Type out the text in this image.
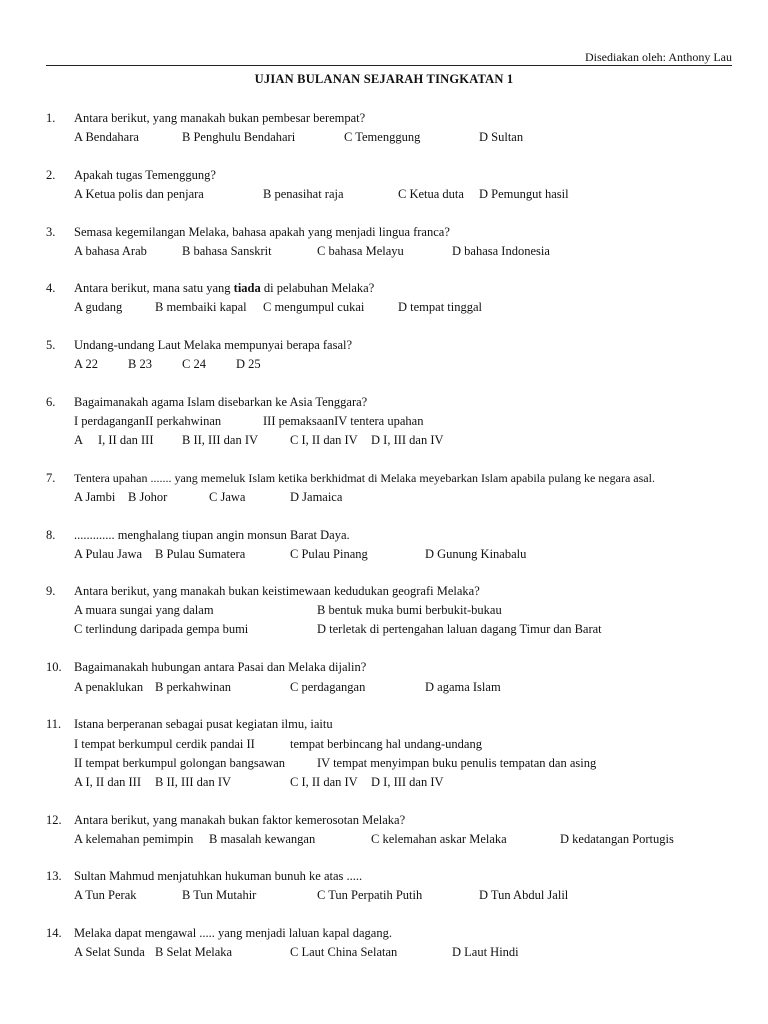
Disediakan oleh: Anthony Lau
UJIAN BULANAN SEJARAH TINGKATAN 1
1. Antara berikut, yang manakah bukan pembesar berempat?
A Bendahara	B Penghulu Bendahari	C Temenggung	D Sultan
2. Apakah tugas Temenggung?
A Ketua polis dan penjara	B penasihat raja	C Ketua duta D Pemungut hasil
3. Semasa kegemilangan Melaka, bahasa apakah yang menjadi lingua franca?
A bahasa Arab	B bahasa Sanskrit	C bahasa Melayu	D bahasa Indonesia
4. Antara berikut, mana satu yang tiada di pelabuhan Melaka?
A gudang	B membaiki kapal C mengumpul cukai	D tempat tinggal
5. Undang-undang Laut Melaka mempunyai berapa fasal?
A 22 B 23 C 24 D 25
6. Bagaimanakah agama Islam disebarkan ke Asia Tenggara?
I perdaganganII perkahwinan	III pemaksaanIV tentera upahan
A     I, II dan III B II, III dan IV	C I, II dan IV D I, III dan IV
7. Tentera upahan ....... yang memeluk Islam ketika berkhidmat di Melaka meyebarkan Islam apabila pulang ke negara asal.
A Jambi B Johor	C Jawa	D Jamaica
8. ............. menghalang tiupan angin monsun Barat Daya.
A Pulau Jawa B Pulau Sumatera	C Pulau Pinang	D Gunung Kinabalu
9. Antara berikut, yang manakah bukan keistimewaan kedudukan geografi Melaka?
A muara sungai yang dalam	B bentuk muka bumi berbukit-bukau
C terlindung daripada gempa bumi	D terletak di pertengahan laluan dagang Timur dan Barat
10. Bagaimanakah hubungan antara Pasai dan Melaka dijalin?
A penaklukan B perkahwinan	C perdagangan	D agama Islam
11. Istana berperanan sebagai pusat kegiatan ilmu, iaitu
I tempat berkumpul cerdik pandai II	tempat berbincang hal undang-undang
II tempat berkumpul golongan bangsawan	IV tempat menyimpan buku penulis tempatan dan asing
A I, II dan III B II, III dan IV	C I, II dan IV D I, III dan IV
12. Antara berikut, yang manakah bukan faktor kemerosotan Melaka?
A kelemahan pemimpin B masalah kewangan	C kelemahan askar Melaka	D kedatangan Portugis
13. Sultan Mahmud menjatuhkan hukuman bunuh ke atas .....
A Tun Perak	B Tun Mutahir	C Tun Perpatih Putih	D Tun Abdul Jalil
14. Melaka dapat mengawal ..... yang menjadi laluan kapal dagang.
A Selat Sunda B Selat Melaka	C Laut China Selatan	D Laut Hindi
